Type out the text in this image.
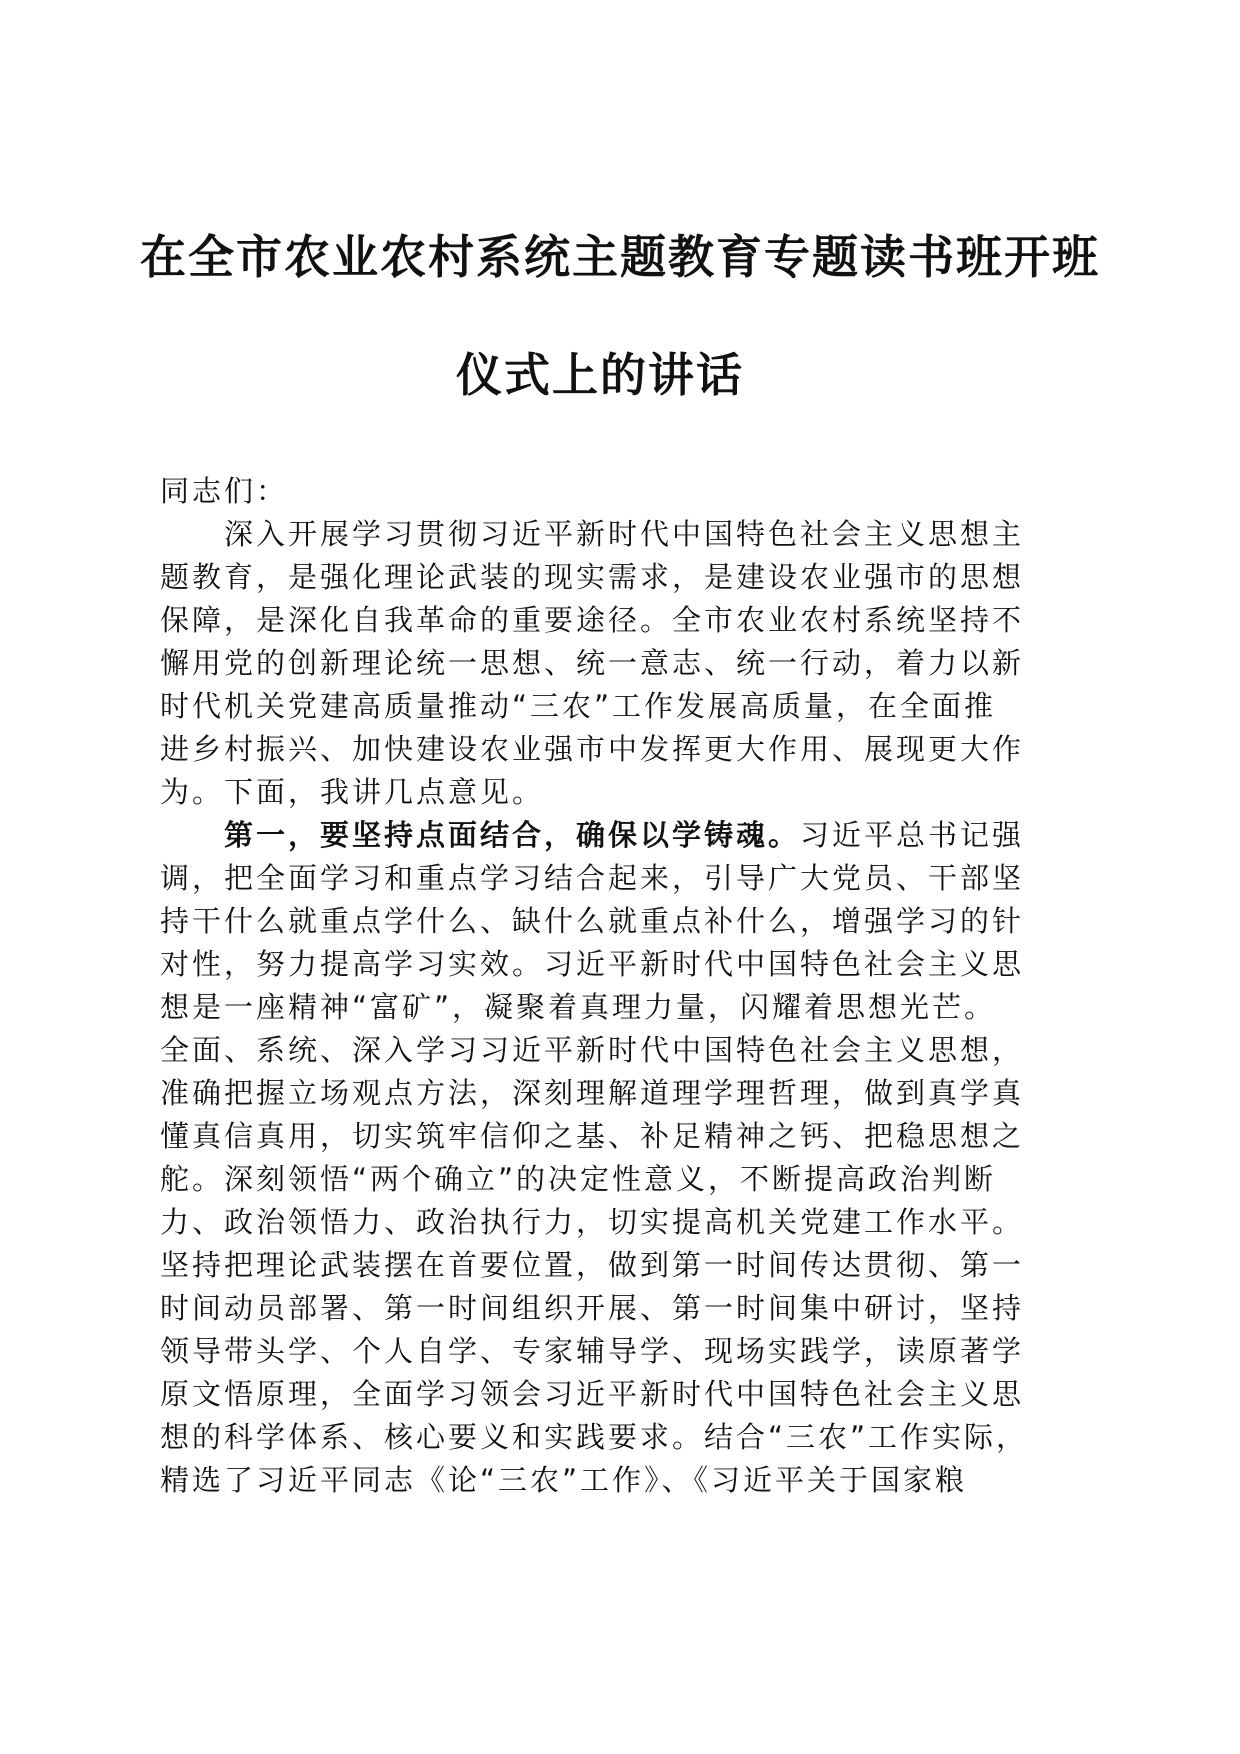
在全市农业农村系统主题教育专题读书班开班
仪式上的讲话
同志们：
深入开展学习贯彻习近平新时代中国特色社会主义思想主
题教育，是强化理论武装的现实需求，是建设农业强市的思想
保障，是深化自我革命的重要途径。全市农业农村系统坚持不
懈用党的创新理论统一思想、统一意志、统一行动，着力以新
时代机关党建高质量推动“三农”工作发展高质量，在全面推
进乡村振兴、加快建设农业强市中发挥更大作用、展现更大作
为。下面，我讲几点意见。
第一，要坚持点面结合，确保以学铸魂。习近平总书记强
调，把全面学习和重点学习结合起来，引导广大党员、干部坚
持干什么就重点学什么、缺什么就重点补什么，增强学习的针
对性，努力提高学习实效。习近平新时代中国特色社会主义思
想是一座精神“富矿”，凝聚着真理力量，闪耀着思想光芒。
全面、系统、深入学习习近平新时代中国特色社会主义思想，
准确把握立场观点方法，深刻理解道理学理哲理，做到真学真
懂真信真用，切实筑牢信仰之基、补足精神之钙、把稳思想之
舵。深刻领悟“两个确立”的决定性意义，不断提高政治判断
力、政治领悟力、政治执行力，切实提高机关党建工作水平。
坚持把理论武装摆在首要位置，做到第一时间传达贯彻、第一
时间动员部署、第一时间组织开展、第一时间集中研讨，坚持
领导带头学、个人自学、专家辅导学、现场实践学，读原著学
原文悟原理，全面学习领会习近平新时代中国特色社会主义思
想的科学体系、核心要义和实践要求。结合“三农”工作实际，
精选了习近平同志《论“三农”工作》、《习近平关于国家粮
